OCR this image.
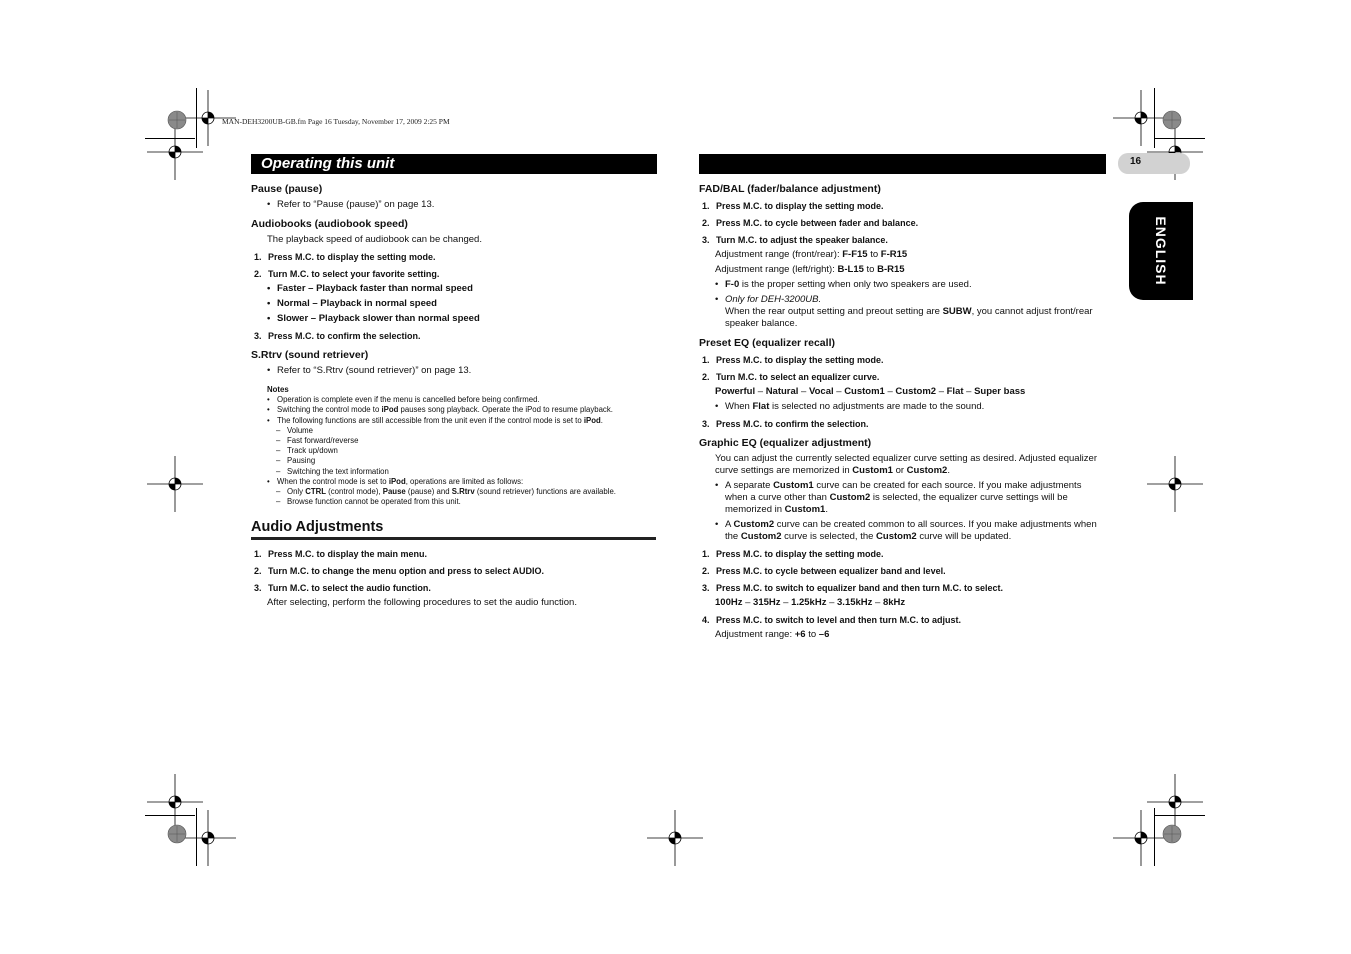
MAN-DEH3200UB-GB.fm Page 16 Tuesday, November 17, 2009 2:25 PM
Operating this unit	16
ENGLISH
Pause (pause)
• Refer to “Pause (pause)” on page 13.
Audiobooks (audiobook speed)
The playback speed of audiobook can be changed.
1. Press M.C. to display the setting mode.
2. Turn M.C. to select your favorite setting.
• Faster – Playback faster than normal speed
• Normal – Playback in normal speed
• Slower – Playback slower than normal speed
3. Press M.C. to confirm the selection.
S.Rtrv (sound retriever)
• Refer to “S.Rtrv (sound retriever)” on page 13.
Notes
• Operation is complete even if the menu is cancelled before being confirmed.
• Switching the control mode to iPod pauses song playback. Operate the iPod to resume playback.
• The following functions are still accessible from the unit even if the control mode is set to iPod.
– Volume
– Fast forward/reverse
– Track up/down
– Pausing
– Switching the text information
• When the control mode is set to iPod, operations are limited as follows:
– Only CTRL (control mode), Pause (pause) and S.Rtrv (sound retriever) functions are available.
– Browse function cannot be operated from this unit.
Audio Adjustments
1. Press M.C. to display the main menu.
2. Turn M.C. to change the menu option and press to select AUDIO.
3. Turn M.C. to select the audio function.
After selecting, perform the following procedures to set the audio function.
FAD/BAL (fader/balance adjustment)
1. Press M.C. to display the setting mode.
2. Press M.C. to cycle between fader and balance.
3. Turn M.C. to adjust the speaker balance.
Adjustment range (front/rear): F-F15 to F-R15
Adjustment range (left/right): B-L15 to B-R15
• F-0 is the proper setting when only two speakers are used.
• Only for DEH-3200UB.
When the rear output setting and preout setting are SUBW, you cannot adjust front/rear speaker balance.
Preset EQ (equalizer recall)
1. Press M.C. to display the setting mode.
2. Turn M.C. to select an equalizer curve.
Powerful – Natural – Vocal – Custom1 – Custom2 – Flat – Super bass
• When Flat is selected no adjustments are made to the sound.
3. Press M.C. to confirm the selection.
Graphic EQ (equalizer adjustment)
You can adjust the currently selected equalizer curve setting as desired. Adjusted equalizer curve settings are memorized in Custom1 or Custom2.
• A separate Custom1 curve can be created for each source. If you make adjustments when a curve other than Custom2 is selected, the equalizer curve settings will be memorized in Custom1.
• A Custom2 curve can be created common to all sources. If you make adjustments when the Custom2 curve is selected, the Custom2 curve will be updated.
1. Press M.C. to display the setting mode.
2. Press M.C. to cycle between equalizer band and level.
3. Press M.C. to switch to equalizer band and then turn M.C. to select.
100Hz – 315Hz – 1.25kHz – 3.15kHz – 8kHz
4. Press M.C. to switch to level and then turn M.C. to adjust.
Adjustment range: +6 to –6
